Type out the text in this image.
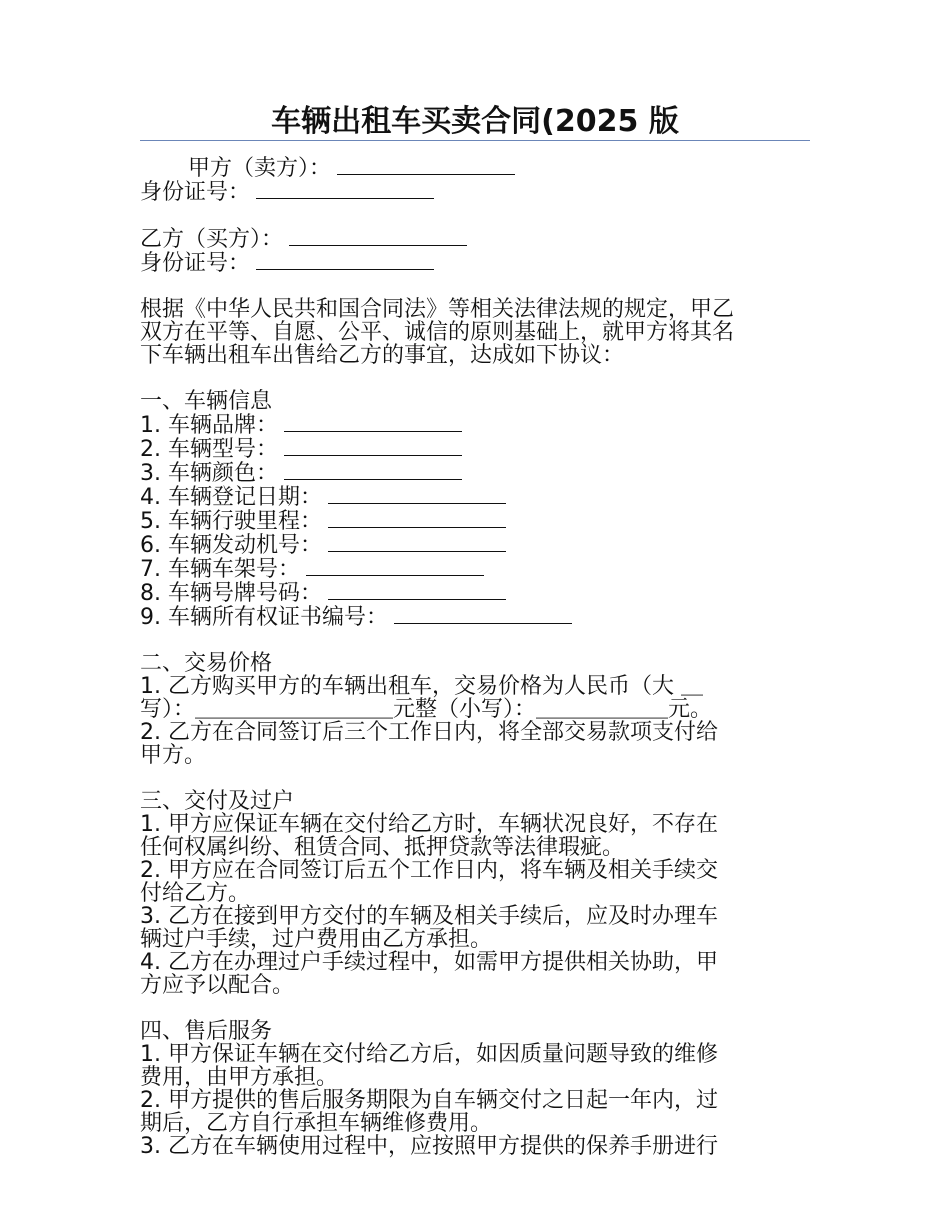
车辆出租车买卖合同(2025 版

甲方（卖方）：

身份证号：

乙方（买方）：

身份证号：

根据《中华人民共和国合同法》等相关法律法规的规定，甲乙

双方在平等、自愿、公平、诚信的原则基础上，就甲方将其名

下车辆出租车出售给乙方的事宜，达成如下协议：

一、车辆信息

1. 车辆品牌：

2. 车辆型号：

3. 车辆颜色：

4. 车辆登记日期：

5. 车辆行驶里程：

6. 车辆发动机号：

7. 车辆车架号：

8. 车辆号牌号码：

9. 车辆所有权证书编号：

二、交易价格

1. 乙方购买甲方的车辆出租车，交易价格为人民币（大 ＿

写）：＿＿＿＿＿＿＿＿＿元整（小写）：＿＿＿＿＿＿元。

2. 乙方在合同签订后三个工作日内，将全部交易款项支付给

甲方。

三、交付及过户

1. 甲方应保证车辆在交付给乙方时，车辆状况良好，不存在

任何权属纠纷、租赁合同、抵押贷款等法律瑕疵。

2. 甲方应在合同签订后五个工作日内，将车辆及相关手续交

付给乙方。

3. 乙方在接到甲方交付的车辆及相关手续后，应及时办理车

辆过户手续，过户费用由乙方承担。

4. 乙方在办理过户手续过程中，如需甲方提供相关协助，甲

方应予以配合。

四、售后服务

1. 甲方保证车辆在交付给乙方后，如因质量问题导致的维修

费用，由甲方承担。

2. 甲方提供的售后服务期限为自车辆交付之日起一年内，过

期后，乙方自行承担车辆维修费用。

3. 乙方在车辆使用过程中，应按照甲方提供的保养手册进行
